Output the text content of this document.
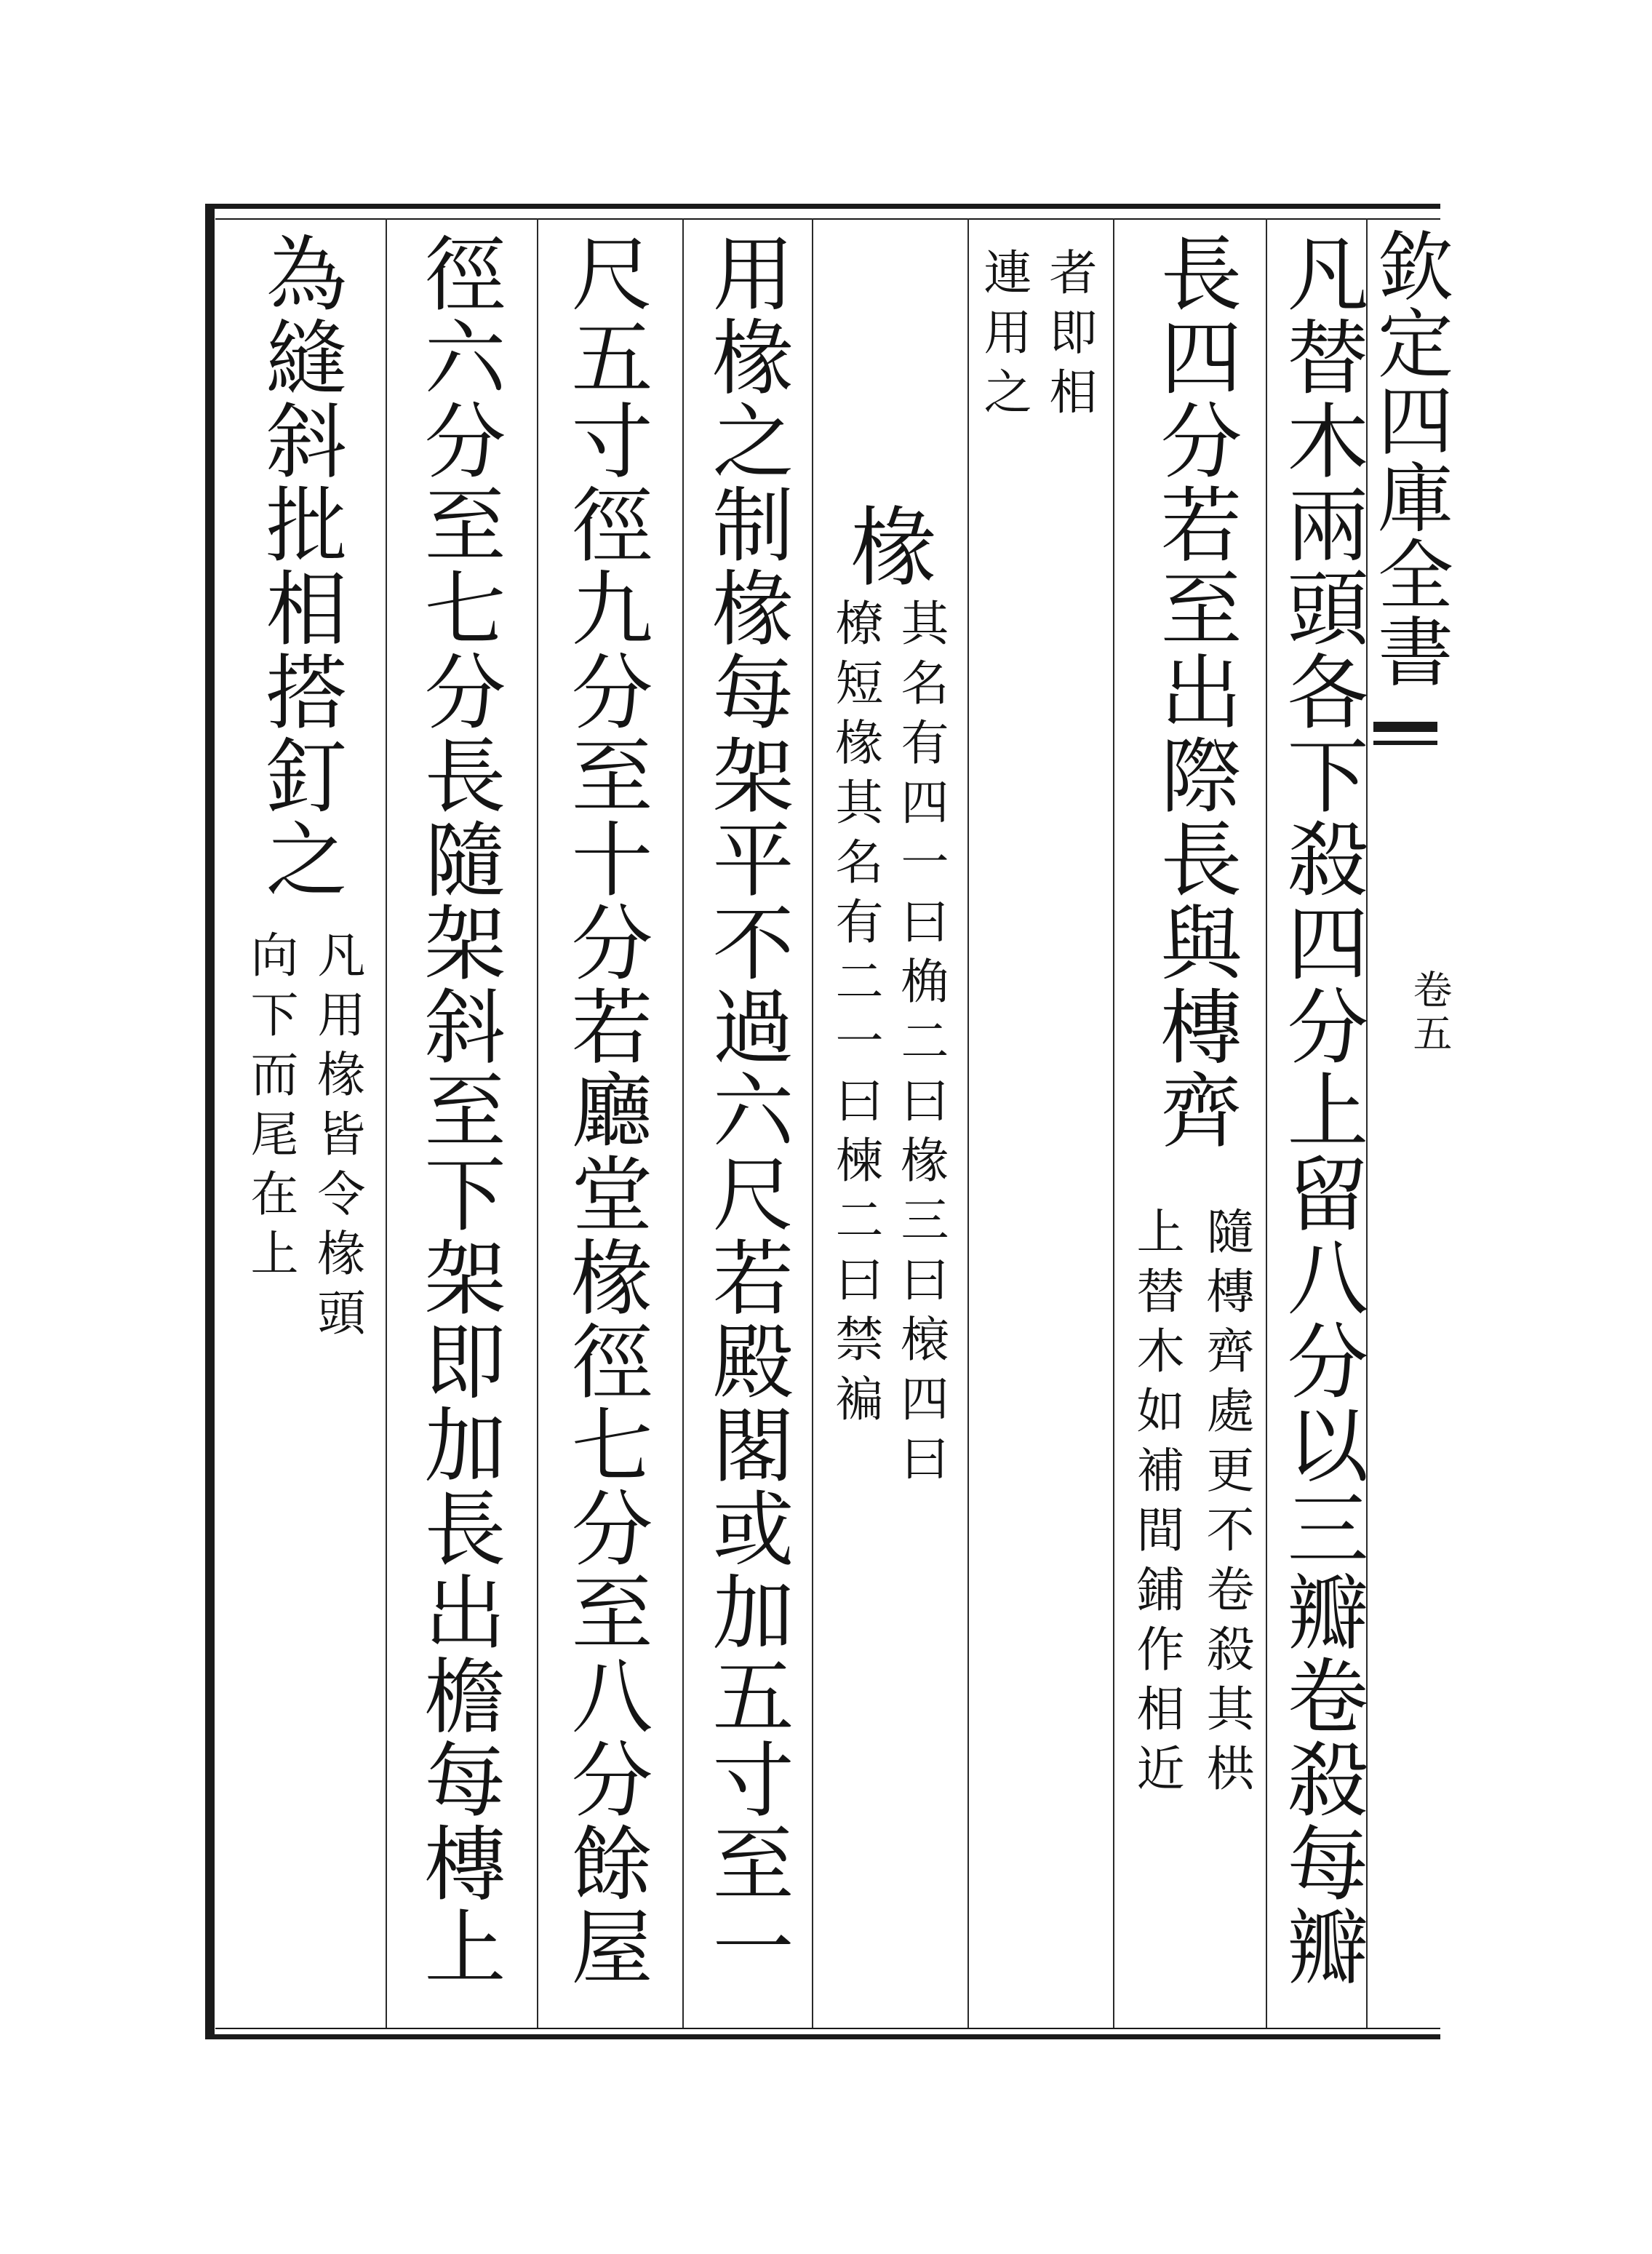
欽定四庫全書
卷五
凡替木兩頭各下殺四分上留八分以三瓣卷殺每瓣
長四分若至出際長與槫齊
隨槫齊處更不卷殺其栱
上替木如補間鋪作相近
者即相
連用之
椽
其名有四一曰桷二曰椽三曰榱四曰
橑短椽其名有二一曰楝二曰禁褊
用椽之制椽每架平不過六尺若殿閣或加五寸至一
尺五寸徑九分至十分若廳堂椽徑七分至八分餘屋
徑六分至七分長隨架斜至下架即加長出檐每槫上
為縫斜批相搭釘之
凡用椽皆令椽頭
向下而尾在上
